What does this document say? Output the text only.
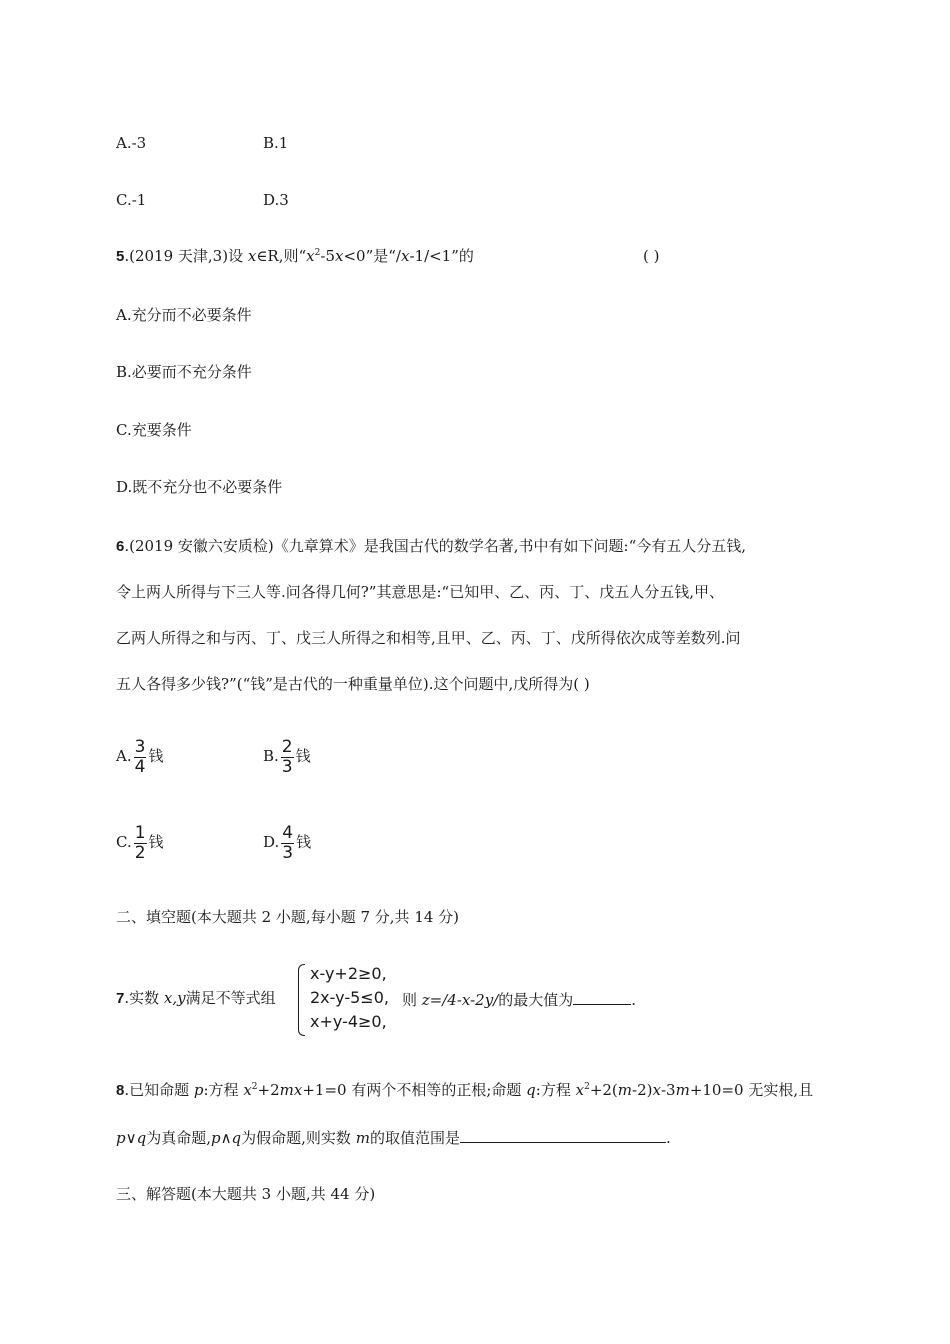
A.-3	B.1
C.-1	D.3
5.(2019 天津,3)设 x∈R,则“$x^2-5x<0$”是“/x-1/<1”的	( )
A.充分而不必要条件
B.必要而不充分条件
C.充要条件
D.既不充分也不必要条件
6.(2019 安徽六安质检)《九章算术》是我国古代的数学名著,书中有如下问题:“今有五人分五钱,
令上两人所得与下三人等.问各得几何?”其意思是:“已知甲、乙、丙、丁、戊五人分五钱,甲、
乙两人所得之和与丙、丁、戊三人所得之和相等,且甲、乙、丙、丁、戊所得依次成等差数列.问
五人各得多少钱?”(“钱”是古代的一种重量单位).这个问题中,戊所得为( )
A. $\frac{3}{4}$ 钱	B. $\frac{2}{3}$ 钱
C. $\frac{1}{2}$ 钱	D. $\frac{4}{3}$ 钱
二、填空题(本大题共 2 小题,每小题 7 分,共 14 分)
7.实数 x,y满足不等式组
x-y+2≥0,
2x-y-5≤0,
x+y-4≥0,
则 z=/4-x-2y/的最大值为	.
8.已知命题 p:方程 $x^2+2mx+1=0$ 有两个不相等的正根;命题 q:方程 $x^2+2(m-2)x-3m+10=0$ 无实根,且
p∨q为真命题,p∧q为假命题,则实数 m的取值范围是	.
三、解答题(本大题共 3 小题,共 44 分)
